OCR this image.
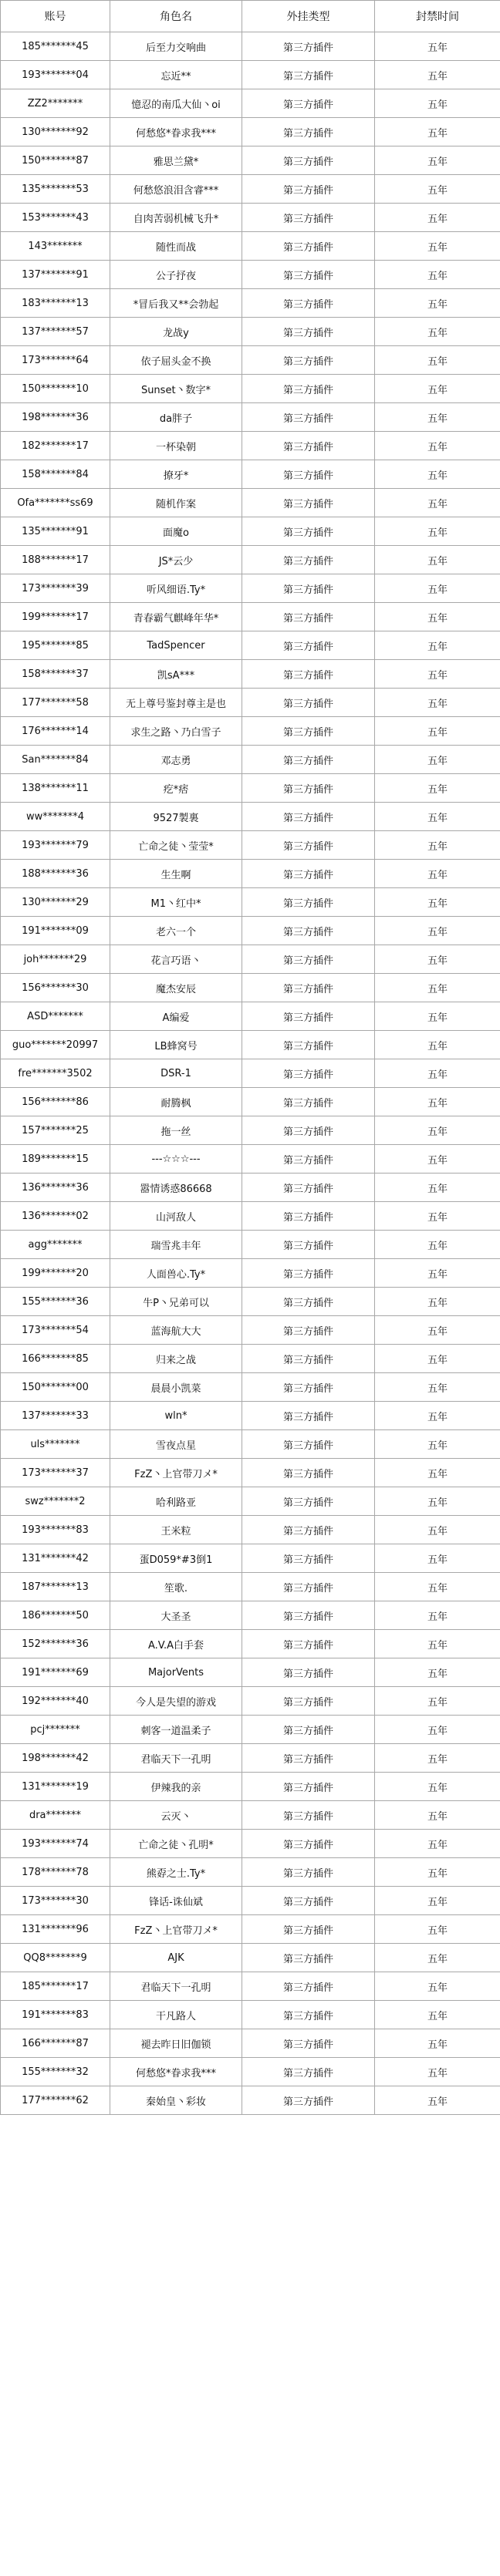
账号	角色名	外挂类型	封禁时间
185*******45	后至力交响曲	第三方插件	五年
193*******04	忘近**	第三方插件	五年
ZZ2*******	憶忍的南瓜大仙丶oi	第三方插件	五年
130*******92	何愁悠*眷求我***	第三方插件	五年
150*******87	雅思兰黛*	第三方插件	五年
135*******53	何愁悠浪泪含睿***	第三方插件	五年
153*******43	自肉苦弱机械飞升*	第三方插件	五年
143*******	随性而战	第三方插件	五年
137*******91	公子抒夜	第三方插件	五年
183*******13	*冒后我又**会勃起	第三方插件	五年
137*******57	龙战y	第三方插件	五年
173*******64	依子屈头金不换	第三方插件	五年
150*******10	Sunset丶数字*	第三方插件	五年
198*******36	da胖子	第三方插件	五年
182*******17	一杯染朝	第三方插件	五年
158*******84	撩牙*	第三方插件	五年
Ofa*******ss69	随机作案	第三方插件	五年
135*******91	面魔o	第三方插件	五年
188*******17	JS*云少	第三方插件	五年
173*******39	听风细语.Ty*	第三方插件	五年
199*******17	青春霸气麒峰年华*	第三方插件	五年
195*******85	TadSpencer	第三方插件	五年
158*******37	凯sA***	第三方插件	五年
177*******58	无上尊号鉴封尊主是也	第三方插件	五年
176*******14	求生之路丶乃白雪子	第三方插件	五年
San*******84	邓志勇	第三方插件	五年
138*******11	疙*痞	第三方插件	五年
ww*******4	9527製裏	第三方插件	五年
193*******79	亡命之徒丶莹莹*	第三方插件	五年
188*******36	生生啊	第三方插件	五年
130*******29	M1丶红中*	第三方插件	五年
191*******09	老六一个	第三方插件	五年
joh*******29	花言巧语丶	第三方插件	五年
156*******30	魔杰安辰	第三方插件	五年
ASD*******	A编爱	第三方插件	五年
guo*******20997	LB蜂窝号	第三方插件	五年
fre*******3502	DSR-1	第三方插件	五年
156*******86	耐腾枫	第三方插件	五年
157*******25	拖一丝	第三方插件	五年
189*******15	---☆☆☆---	第三方插件	五年
136*******36	嚣情诱惑86668	第三方插件	五年
136*******02	山河敌人	第三方插件	五年
agg*******	瑞雪兆丰年	第三方插件	五年
199*******20	人面兽心.Ty*	第三方插件	五年
155*******36	牛P丶兄弟可以	第三方插件	五年
173*******54	蓝海航大大	第三方插件	五年
166*******85	归来之战	第三方插件	五年
150*******00	晨晨小凯菜	第三方插件	五年
137*******33	wln*	第三方插件	五年
uls*******	雪夜点星	第三方插件	五年
173*******37	FzZ丶上官带刀メ*	第三方插件	五年
swz*******2	哈利路亚	第三方插件	五年
193*******83	王米粒	第三方插件	五年
131*******42	蛋D059*#3倒1	第三方插件	五年
187*******13	笙歌.	第三方插件	五年
186*******50	大圣圣	第三方插件	五年
152*******36	A.V.A白手套	第三方插件	五年
191*******69	MajorVents	第三方插件	五年
192*******40	今人是失望的游戏	第三方插件	五年
pcj*******	刺客一道温柔子	第三方插件	五年
198*******42	君临天下一孔明	第三方插件	五年
131*******19	伊辣我的亲	第三方插件	五年
dra*******	云灭丶	第三方插件	五年
193*******74	亡命之徒丶孔明*	第三方插件	五年
178*******78	熊孬之士.Ty*	第三方插件	五年
173*******30	锋话-诛仙斌	第三方插件	五年
131*******96	FzZ丶上官带刀メ*	第三方插件	五年
QQ8*******9	AJK	第三方插件	五年
185*******17	君临天下一孔明	第三方插件	五年
191*******83	干凡路人	第三方插件	五年
166*******87	褪去昨日旧伽锁	第三方插件	五年
155*******32	何愁悠*眷求我***	第三方插件	五年
177*******62	秦始皇丶彩妆	第三方插件	五年
